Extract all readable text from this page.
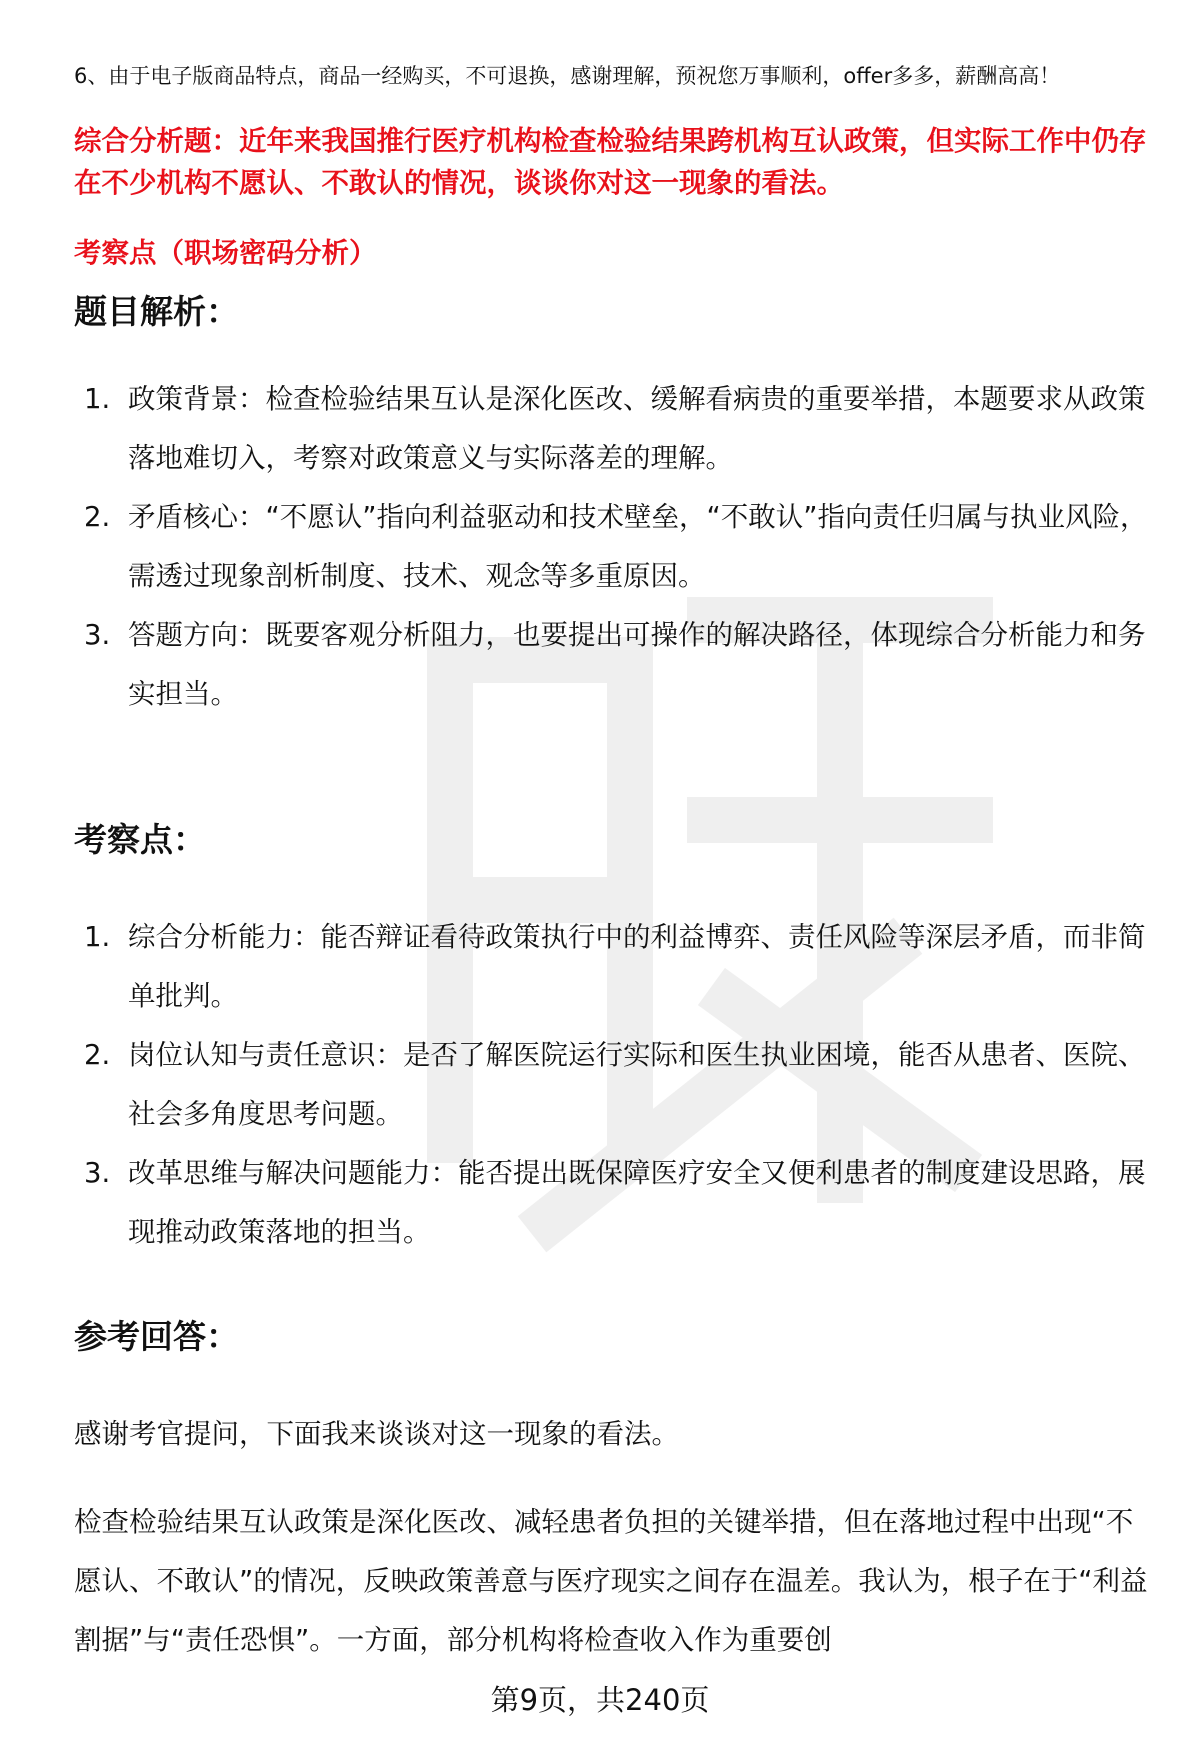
6、由于电子版商品特点，商品一经购买，不可退换，感谢理解，预祝您万事顺利，offer多多，薪酬高高！
综合分析题：近年来我国推行医疗机构检查检验结果跨机构互认政策，但实际工作中仍存在不少机构不愿认、不敢认的情况，谈谈你对这一现象的看法。
考察点（职场密码分析）
题目解析：
1. 政策背景：检查检验结果互认是深化医改、缓解看病贵的重要举措，本题要求从政策落地难切入，考察对政策意义与实际落差的理解。
2. 矛盾核心：“不愿认”指向利益驱动和技术壁垒，“不敢认”指向责任归属与执业风险，需透过现象剖析制度、技术、观念等多重原因。
3. 答题方向：既要客观分析阻力，也要提出可操作的解决路径，体现综合分析能力和务实担当。
考察点：
1. 综合分析能力：能否辩证看待政策执行中的利益博弈、责任风险等深层矛盾，而非简单批判。
2. 岗位认知与责任意识：是否了解医院运行实际和医生执业困境，能否从患者、医院、社会多角度思考问题。
3. 改革思维与解决问题能力：能否提出既保障医疗安全又便利患者的制度建设思路，展现推动政策落地的担当。
参考回答：

感谢考官提问，下面我来谈谈对这一现象的看法。

检查检验结果互认政策是深化医改、减轻患者负担的关键举措，但在落地过程中出现“不愿认、不敢认”的情况，反映政策善意与医疗现实之间存在温差。我认为，根子在于“利益割据”与“责任恐惧”。一方面，部分机构将检查收入作为重要创

第9页，共240页
